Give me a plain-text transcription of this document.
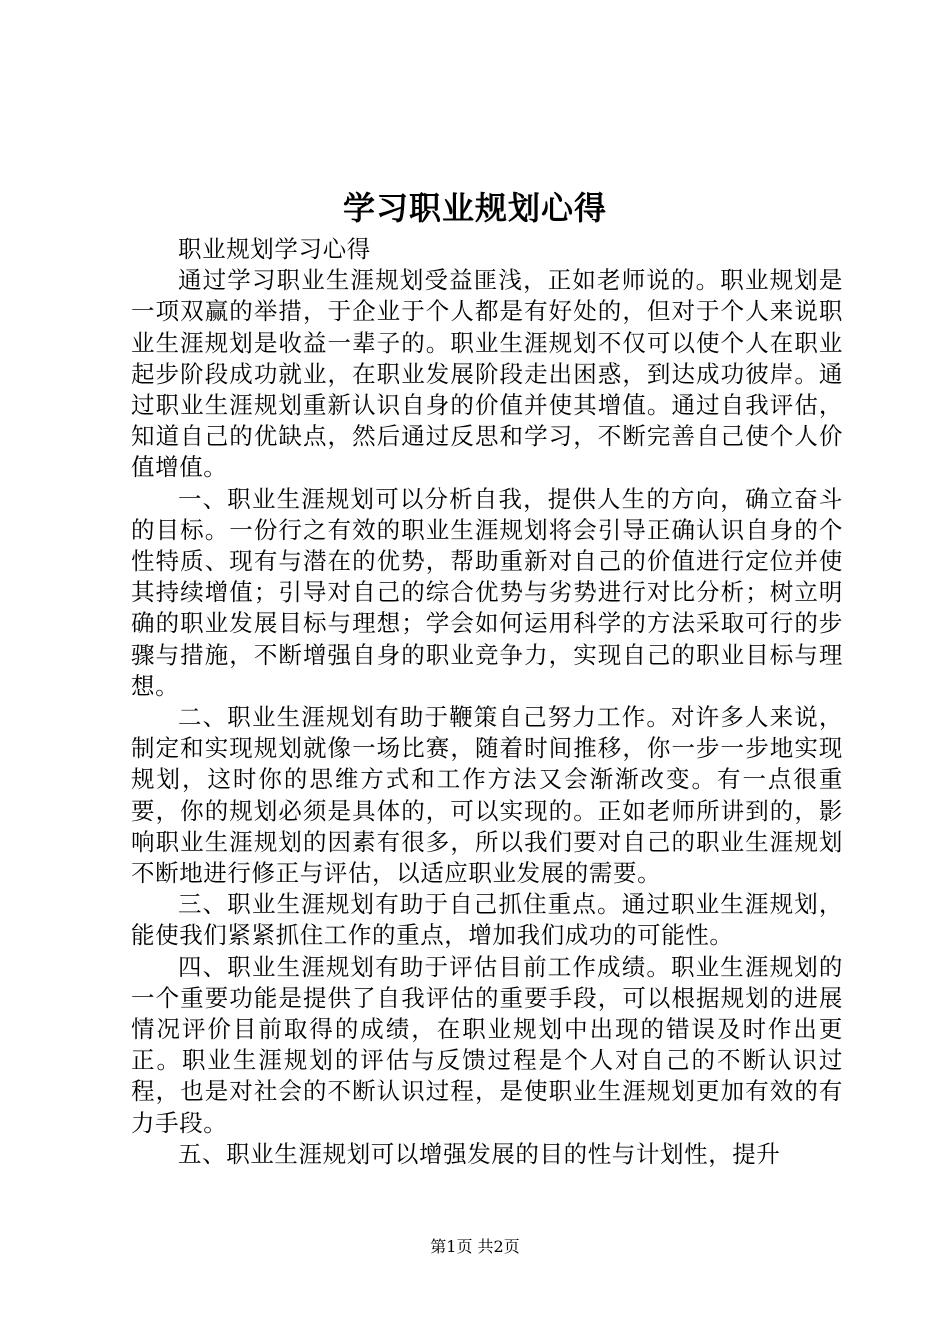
学习职业规划心得

职业规划学习心得

通过学习职业生涯规划受益匪浅，正如老师说的。职业规划是一项双赢的举措，于企业于个人都是有好处的，但对于个人来说职业生涯规划是收益一辈子的。职业生涯规划不仅可以使个人在职业起步阶段成功就业，在职业发展阶段走出困惑，到达成功彼岸。通过职业生涯规划重新认识自身的价值并使其增值。通过自我评估，知道自己的优缺点，然后通过反思和学习，不断完善自己使个人价值增值。

一、职业生涯规划可以分析自我，提供人生的方向，确立奋斗的目标。一份行之有效的职业生涯规划将会引导正确认识自身的个性特质、现有与潜在的优势，帮助重新对自己的价值进行定位并使其持续增值；引导对自己的综合优势与劣势进行对比分析；树立明确的职业发展目标与理想；学会如何运用科学的方法采取可行的步骤与措施，不断增强自身的职业竞争力，实现自己的职业目标与理想。

二、职业生涯规划有助于鞭策自己努力工作。对许多人来说，制定和实现规划就像一场比赛，随着时间推移，你一步一步地实现规划，这时你的思维方式和工作方法又会渐渐改变。有一点很重要，你的规划必须是具体的，可以实现的。正如老师所讲到的，影响职业生涯规划的因素有很多，所以我们要对自己的职业生涯规划不断地进行修正与评估，以适应职业发展的需要。

三、职业生涯规划有助于自己抓住重点。通过职业生涯规划，能使我们紧紧抓住工作的重点，增加我们成功的可能性。

四、职业生涯规划有助于评估目前工作成绩。职业生涯规划的一个重要功能是提供了自我评估的重要手段，可以根据规划的进展情况评价目前取得的成绩，在职业规划中出现的错误及时作出更正。职业生涯规划的评估与反馈过程是个人对自己的不断认识过程，也是对社会的不断认识过程，是使职业生涯规划更加有效的有力手段。

五、职业生涯规划可以增强发展的目的性与计划性，提升

第1页 共2页
